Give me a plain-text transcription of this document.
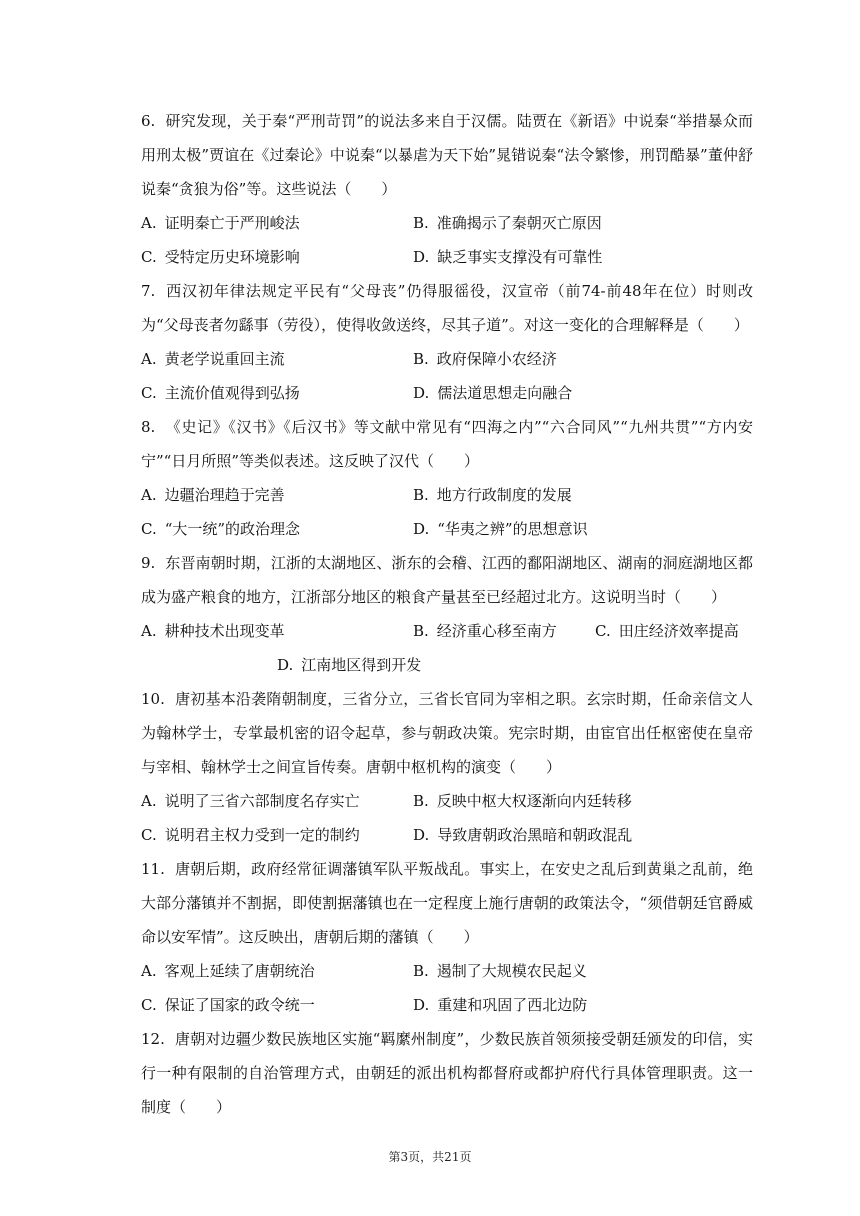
6. 研究发现，关于秦“严刑苛罚”的说法多来自于汉儒。陆贾在《新语》中说秦“举措暴众而用刑太极”贾谊在《过秦论》中说秦“以暴虐为天下始”晁错说秦“法令繁惨，刑罚酷暴”董仲舒说秦“贪狼为俗”等。这些说法（　　）

A. 证明秦亡于严刑峻法	B. 准确揭示了秦朝灭亡原因
C. 受特定历史环境影响	D. 缺乏事实支撑没有可靠性

7. 西汉初年律法规定平民有“父母丧”仍得服徭役，汉宣帝（前74-前48年在位）时则改为“父母丧者勿繇事（劳役），使得收敛送终，尽其子道”。对这一变化的合理解释是（　　）

A. 黄老学说重回主流	B. 政府保障小农经济
C. 主流价值观得到弘扬	D. 儒法道思想走向融合

8. 《史记》《汉书》《后汉书》等文献中常见有“四海之内”“六合同风”“九州共贯”“方内安宁”“日月所照”等类似表述。这反映了汉代（　　）

A. 边疆治理趋于完善	B. 地方行政制度的发展
C. “大一统”的政治理念	D. “华夷之辨”的思想意识

9. 东晋南朝时期，江浙的太湖地区、浙东的会稽、江西的鄱阳湖地区、湖南的洞庭湖地区都成为盛产粮食的地方，江浙部分地区的粮食产量甚至已经超过北方。这说明当时（　　）

A. 耕种技术出现变革	B. 经济重心移至南方	C. 田庄经济效率提高
D. 江南地区得到开发

10. 唐初基本沿袭隋朝制度，三省分立，三省长官同为宰相之职。玄宗时期，任命亲信文人为翰林学士，专掌最机密的诏令起草，参与朝政决策。宪宗时期，由宦官出任枢密使在皇帝与宰相、翰林学士之间宣旨传奏。唐朝中枢机构的演变（　　）

A. 说明了三省六部制度名存实亡	B. 反映中枢大权逐渐向内廷转移
C. 说明君主权力受到一定的制约	D. 导致唐朝政治黑暗和朝政混乱

11. 唐朝后期，政府经常征调藩镇军队平叛战乱。事实上，在安史之乱后到黄巢之乱前，绝大部分藩镇并不割据，即使割据藩镇也在一定程度上施行唐朝的政策法令，“须借朝廷官爵威命以安军情”。这反映出，唐朝后期的藩镇（　　）

A. 客观上延续了唐朝统治	B. 遏制了大规模农民起义
C. 保证了国家的政令统一	D. 重建和巩固了西北边防

12. 唐朝对边疆少数民族地区实施“羁縻州制度”，少数民族首领须接受朝廷颁发的印信，实行一种有限制的自治管理方式，由朝廷的派出机构都督府或都护府代行具体管理职责。这一制度（　　）

第3页，共21页
